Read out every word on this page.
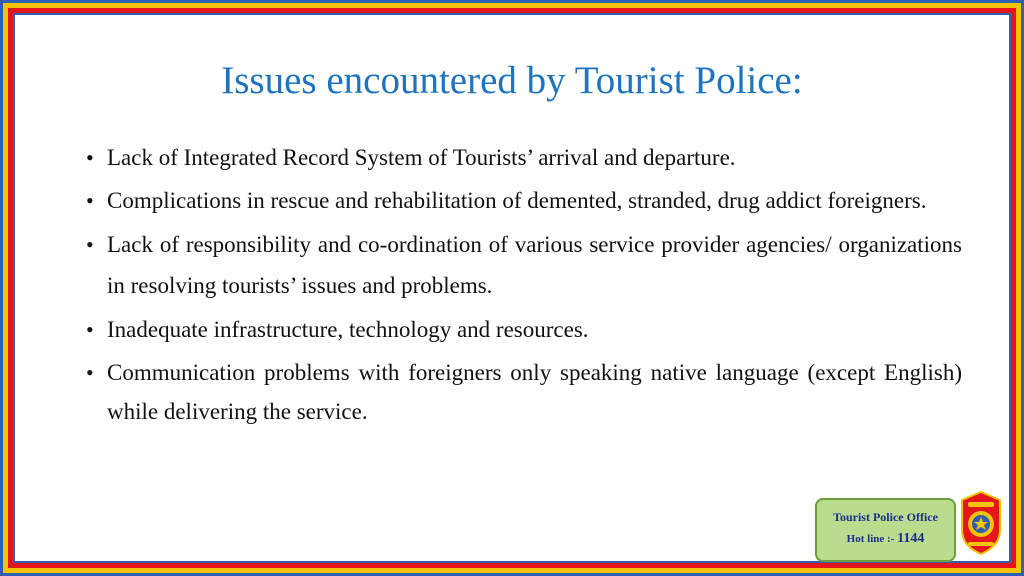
Issues encountered by Tourist Police:
• Lack of Integrated Record System of Tourists’ arrival and departure.
• Complications in rescue and rehabilitation of demented, stranded, drug addict foreigners.
• Lack of responsibility and co-ordination of various service provider agencies/ organizations in resolving tourists’ issues and problems.
• Inadequate infrastructure, technology and resources.
• Communication problems with foreigners only speaking native language (except English) while delivering the service.
Tourist Police Office
Hot line :- 1144
